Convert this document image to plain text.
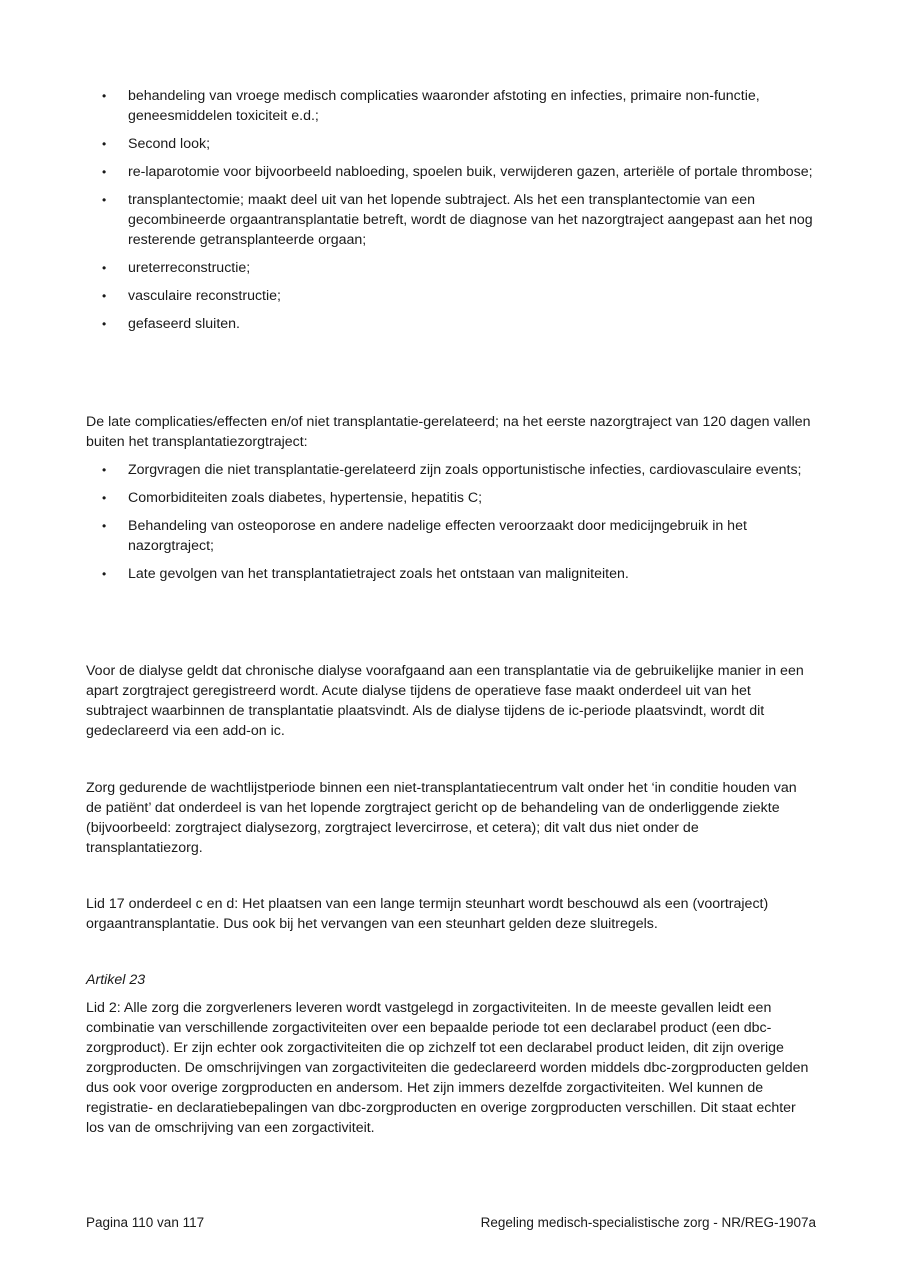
• behandeling van vroege medisch complicaties waaronder afstoting en infecties, primaire non-functie, geneesmiddelen toxiciteit e.d.;
• Second look;
• re-laparotomie voor bijvoorbeeld nabloeding, spoelen buik, verwijderen gazen, arteriële of portale thrombose;
• transplantectomie; maakt deel uit van het lopende subtraject. Als het een transplantectomie van een gecombineerde orgaantransplantatie betreft, wordt de diagnose van het nazorgtraject aangepast aan het nog resterende getransplanteerde orgaan;
• ureterreconstructie;
• vasculaire reconstructie;
• gefaseerd sluiten.

De late complicaties/effecten en/of niet transplantatie-gerelateerd; na het eerste nazorgtraject van 120 dagen vallen buiten het transplantatiezorgtraject:

• Zorgvragen die niet transplantatie-gerelateerd zijn zoals opportunistische infecties, cardiovasculaire events;
• Comorbiditeiten zoals diabetes, hypertensie, hepatitis C;
• Behandeling van osteoporose en andere nadelige effecten veroorzaakt door medicijngebruik in het nazorgtraject;
• Late gevolgen van het transplantatietraject zoals het ontstaan van maligniteiten.

Voor de dialyse geldt dat chronische dialyse voorafgaand aan een transplantatie via de gebruikelijke manier in een apart zorgtraject geregistreerd wordt. Acute dialyse tijdens de operatieve fase maakt onderdeel uit van het subtraject waarbinnen de transplantatie plaatsvindt. Als de dialyse tijdens de ic-periode plaatsvindt, wordt dit gedeclareerd via een add-on ic.

Zorg gedurende de wachtlijstperiode binnen een niet-transplantatiecentrum valt onder het ‘in conditie houden van de patiënt’ dat onderdeel is van het lopende zorgtraject gericht op de behandeling van de onderliggende ziekte (bijvoorbeeld: zorgtraject dialysezorg, zorgtraject levercirrose, et cetera); dit valt dus niet onder de transplantatiezorg.

Lid 17 onderdeel c en d: Het plaatsen van een lange termijn steunhart wordt beschouwd als een (voortraject) orgaantransplantatie. Dus ook bij het vervangen van een steunhart gelden deze sluitregels.

Artikel 23

Lid 2: Alle zorg die zorgverleners leveren wordt vastgelegd in zorgactiviteiten. In de meeste gevallen leidt een combinatie van verschillende zorgactiviteiten over een bepaalde periode tot een declarabel product (een dbc-zorgproduct). Er zijn echter ook zorgactiviteiten die op zichzelf tot een declarabel product leiden, dit zijn overige zorgproducten. De omschrijvingen van zorgactiviteiten die gedeclareerd worden middels dbc-zorgproducten gelden dus ook voor overige zorgproducten en andersom. Het zijn immers dezelfde zorgactiviteiten. Wel kunnen de registratie- en declaratiebepalingen van dbc-zorgproducten en overige zorgproducten verschillen. Dit staat echter los van de omschrijving van een zorgactiviteit.

Pagina 110 van 117	Regeling medisch-specialistische zorg - NR/REG-1907a
